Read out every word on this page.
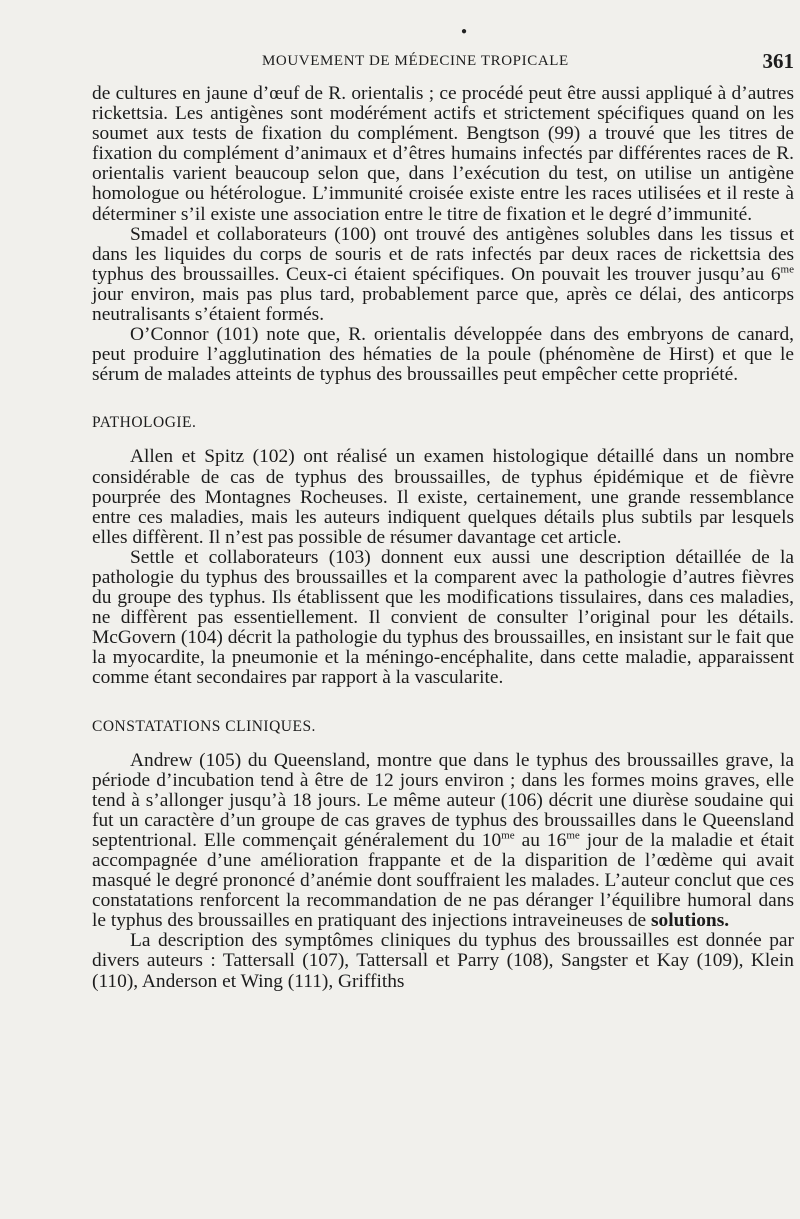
●
MOUVEMENT DE MÉDECINE TROPICALE	361

de cultures en jaune d’œuf de R. orientalis ; ce procédé peut être aussi appliqué à d’autres rickettsia. Les antigènes sont modérément actifs et strictement spécifiques quand on les soumet aux tests de fixation du complément. Bengtson (99) a trouvé que les titres de fixation du complément d’animaux et d’êtres humains infectés par différentes races de R. orientalis varient beaucoup selon que, dans l’exécution du test, on utilise un antigène homologue ou hétérologue. L’immunité croisée existe entre les races utilisées et il reste à déterminer s’il existe une association entre le titre de fixation et le degré d’immunité.

Smadel et collaborateurs (100) ont trouvé des antigènes solubles dans les tissus et dans les liquides du corps de souris et de rats infectés par deux races de rickettsia des typhus des broussailles. Ceux-ci étaient spécifiques. On pouvait les trouver jusqu’au $6^{me}$ jour environ, mais pas plus tard, probablement parce que, après ce délai, des anticorps neutralisants s’étaient formés.

O’Connor (101) note que, R. orientalis développée dans des embryons de canard, peut produire l’agglutination des hématies de la poule (phénomène de Hirst) et que le sérum de malades atteints de typhus des broussailles peut empêcher cette propriété.

PATHOLOGIE.

Allen et Spitz (102) ont réalisé un examen histologique détaillé dans un nombre considérable de cas de typhus des broussailles, de typhus épidémique et de fièvre pourprée des Montagnes Rocheuses. Il existe, certainement, une grande ressemblance entre ces maladies, mais les auteurs indiquent quelques détails plus subtils par lesquels elles diffèrent. Il n’est pas possible de résumer davantage cet article.

Settle et collaborateurs (103) donnent eux aussi une description détaillée de la pathologie du typhus des broussailles et la comparent avec la pathologie d’autres fièvres du groupe des typhus. Ils établissent que les modifications tissulaires, dans ces maladies, ne diffèrent pas essentiellement. Il convient de consulter l’original pour les détails. McGovern (104) décrit la pathologie du typhus des broussailles, en insistant sur le fait que la myocardite, la pneumonie et la méningo-encéphalite, dans cette maladie, apparaissent comme étant secondaires par rapport à la vascularite.

CONSTATATIONS CLINIQUES.

Andrew (105) du Queensland, montre que dans le typhus des broussailles grave, la période d’incubation tend à être de 12 jours environ ; dans les formes moins graves, elle tend à s’allonger jusqu’à 18 jours. Le même auteur (106) décrit une diurèse soudaine qui fut un caractère d’un groupe de cas graves de typhus des broussailles dans le Queensland septentrional. Elle commençait généralement du $10^{me}$ au $16^{me}$ jour de la maladie et était accompagnée d’une amélioration frappante et de la disparition de l’œdème qui avait masqué le degré prononcé d’anémie dont souffraient les malades. L’auteur conclut que ces constatations renforcent la recommandation de ne pas déranger l’équilibre humoral dans le typhus des broussailles en pratiquant des injections intraveineuses de solutions.

La description des symptômes cliniques du typhus des broussailles est donnée par divers auteurs : Tattersall (107), Tattersall et Parry (108), Sangster et Kay (109), Klein (110), Anderson et Wing (111), Griffiths
